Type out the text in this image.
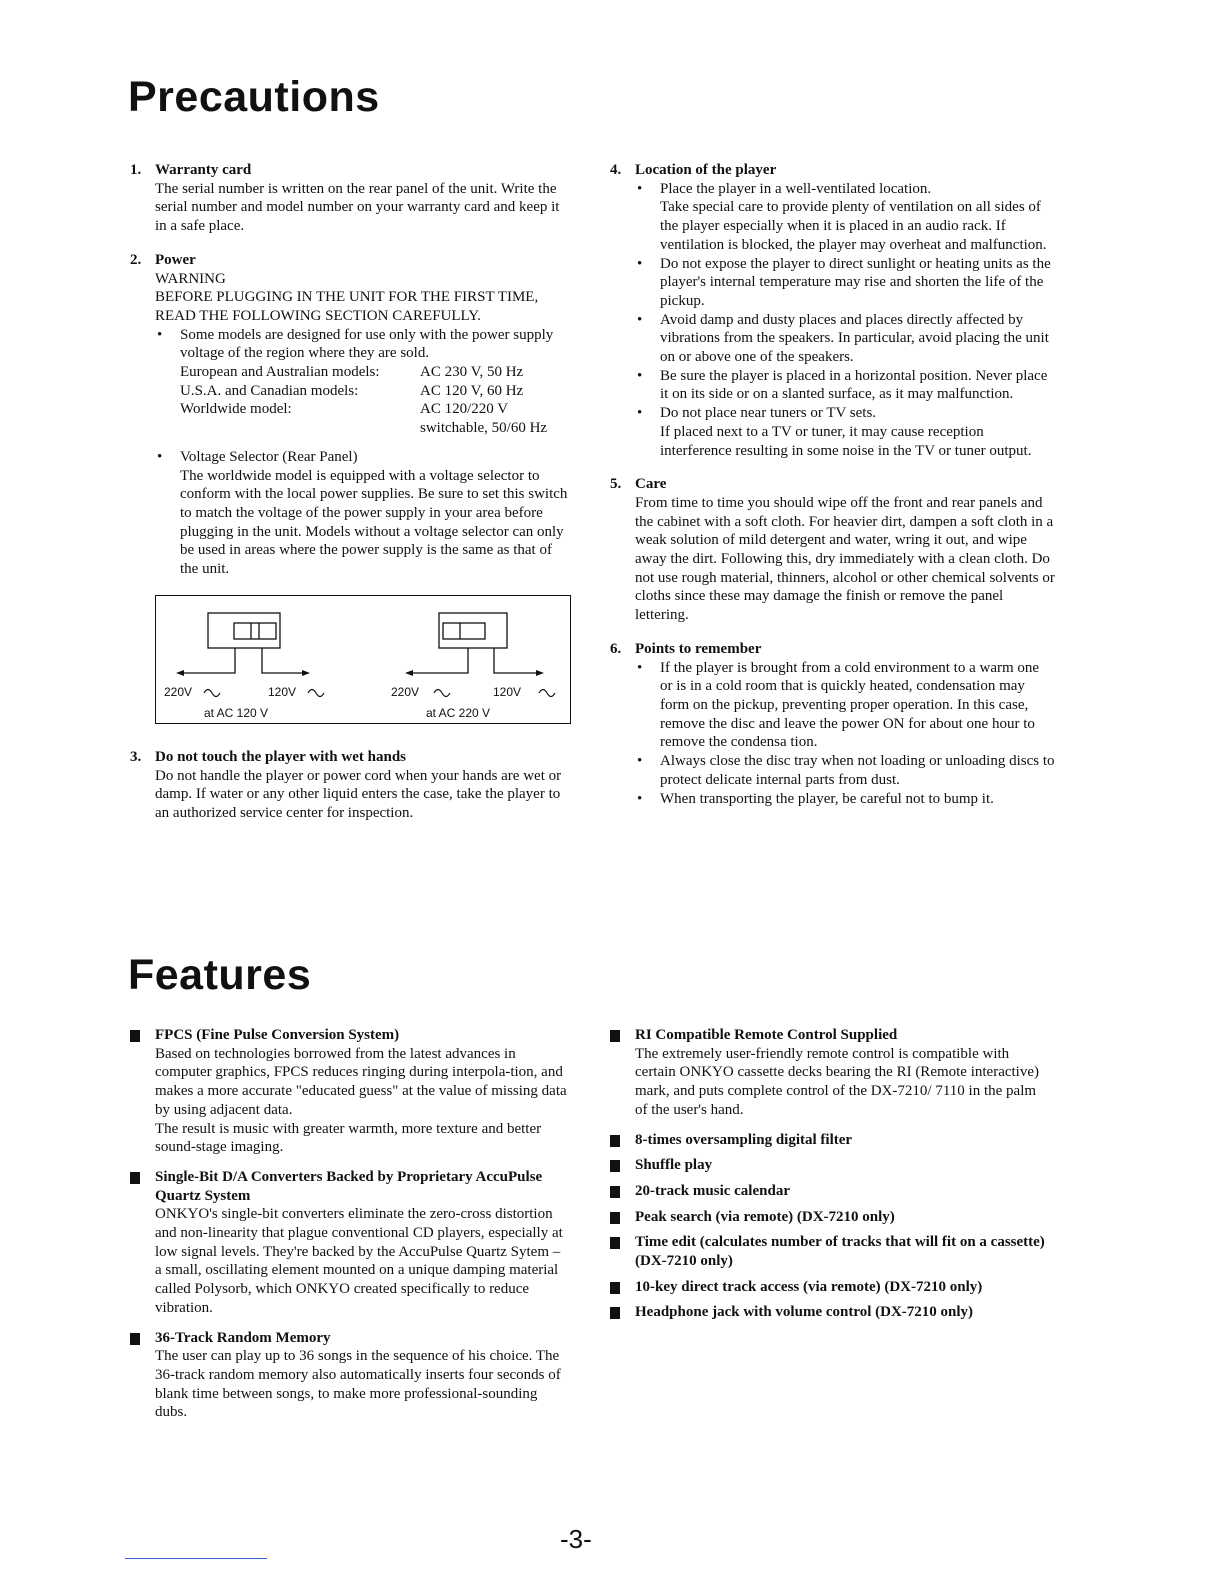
Precautions
1. Warranty card
The serial number is written on the rear panel of the unit. Write the serial number and model number on your warranty card and keep it in a safe place.
2. Power
WARNING
BEFORE PLUGGING IN THE UNIT FOR THE FIRST TIME, READ THE FOLLOWING SECTION CAREFULLY.
• Some models are designed for use only with the power supply voltage of the region where they are sold.
European and Australian models:	AC 230 V, 50 Hz
U.S.A. and Canadian models:	AC 120 V, 60 Hz
Worldwide model:	AC 120/220 V
switchable, 50/60 Hz
• Voltage Selector (Rear Panel)
The worldwide model is equipped with a voltage selector to conform with the local power supplies. Be sure to set this switch to match the voltage of the power supply in your area before plugging in the unit. Models without a voltage selector can only be used in areas where the power supply is the same as that of the unit.
4. Location of the player
• Place the player in a well-ventilated location.
Take special care to provide plenty of ventilation on all sides of the player especially when it is placed in an audio rack. If ventilation is blocked, the player may overheat and malfunction.
• Do not expose the player to direct sunlight or heating units as the player's internal temperature may rise and shorten the life of the pickup.
• Avoid damp and dusty places and places directly affected by vibrations from the speakers. In particular, avoid placing the unit on or above one of the speakers.
• Be sure the player is placed in a horizontal position. Never place it on its side or on a slanted surface, as it may malfunction.
• Do not place near tuners or TV sets.
If placed next to a TV or tuner, it may cause reception interference resulting in some noise in the TV or tuner output.
5. Care
From time to time you should wipe off the front and rear panels and the cabinet with a soft cloth. For heavier dirt, dampen a soft cloth in a weak solution of mild detergent and water, wring it out, and wipe away the dirt. Following this, dry immediately with a clean cloth. Do not use rough material, thinners, alcohol or other chemical solvents or cloths since these may damage the finish or remove the panel lettering.
6. Points to remember
• If the player is brought from a cold environment to a warm one or is in a cold room that is quickly heated, condensation may form on the pickup, preventing proper operation. In this case, remove the disc and leave the power ON for about one hour to remove the condensa tion.
• Always close the disc tray when not loading or unloading discs to protect delicate internal parts from dust.
• When transporting the player, be careful not to bump it.
3. Do not touch the player with wet hands
Do not handle the player or power cord when your hands are wet or damp. If water or any other liquid enters the case, take the player to an authorized service center for inspection.
220V	120V
at AC 120 V
220V	120V
at AC 220 V
Features
FPCS (Fine Pulse Conversion System)
Based on technologies borrowed from the latest advances in computer graphics, FPCS reduces ringing during interpola-tion, and makes a more accurate "educated guess" at the value of missing data by using adjacent data.
The result is music with greater warmth, more texture and better sound-stage imaging.
Single-Bit D/A Converters Backed by Proprietary AccuPulse Quartz System
ONKYO's single-bit converters eliminate the zero-cross distortion and non-linearity that plague conventional CD players, especially at low signal levels. They're backed by the AccuPulse Quartz Sytem – a small, oscillating element mounted on a unique damping material called Polysorb, which ONKYO created specifically to reduce vibration.
36-Track Random Memory
The user can play up to 36 songs in the sequence of his choice. The 36-track random memory also automatically inserts four seconds of blank time between songs, to make more professional-sounding dubs.
RI Compatible Remote Control Supplied
The extremely user-friendly remote control is compatible with certain ONKYO cassette decks bearing the RI (Remote interactive) mark, and puts complete control of the DX-7210/ 7110 in the palm of the user's hand.
8-times oversampling digital filter
Shuffle play
20-track music calendar
Peak search (via remote) (DX-7210 only)
Time edit (calculates number of tracks that will fit on a cassette) (DX-7210 only)
10-key direct track access (via remote) (DX-7210 only)
Headphone jack with volume control (DX-7210 only)
-3-
